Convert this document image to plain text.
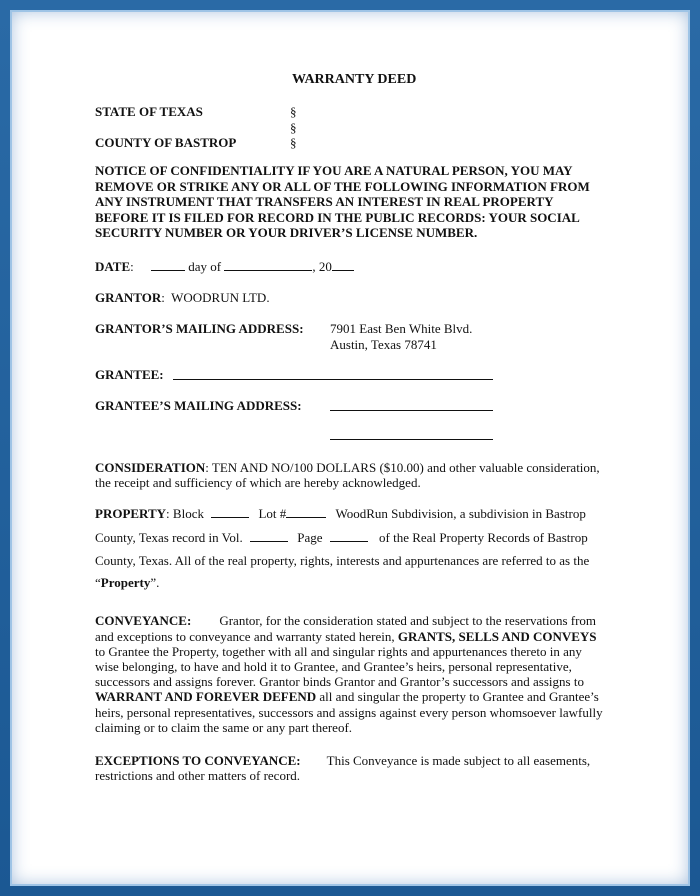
WARRANTY DEED
STATE OF TEXAS	§
§
COUNTY OF BASTROP	§
NOTICE OF CONFIDENTIALITY IF YOU ARE A NATURAL PERSON, YOU MAY
REMOVE OR STRIKE ANY OR ALL OF THE FOLLOWING INFORMATION FROM
ANY INSTRUMENT THAT TRANSFERS AN INTEREST IN REAL PROPERTY
BEFORE IT IS FILED FOR RECORD IN THE PUBLIC RECORDS: YOUR SOCIAL
SECURITY NUMBER OR YOUR DRIVER’S LICENSE NUMBER.
DATE:	day of	, 20
GRANTOR:  WOODRUN LTD.
GRANTOR’S MAILING ADDRESS: 7901 East Ben White Blvd.
Austin, Texas 78741
GRANTEE:
GRANTEE’S MAILING ADDRESS:
CONSIDERATION: TEN AND NO/100 DOLLARS ($10.00) and other valuable consideration,
the receipt and sufficiency of which are hereby acknowledged.
PROPERTY: Block	Lot #	WoodRun Subdivision, a subdivision in Bastrop
County, Texas record in Vol.	Page	of the Real Property Records of Bastrop
County, Texas. All of the real property, rights, interests and appurtenances are referred to as the
“Property”.
CONVEYANCE: Grantor, for the consideration stated and subject to the reservations from
and exceptions to conveyance and warranty stated herein, GRANTS, SELLS AND CONVEYS
to Grantee the Property, together with all and singular rights and appurtenances thereto in any
wise belonging, to have and hold it to Grantee, and Grantee’s heirs, personal representative,
successors and assigns forever. Grantor binds Grantor and Grantor’s successors and assigns to
WARRANT AND FOREVER DEFEND all and singular the property to Grantee and Grantee’s
heirs, personal representatives, successors and assigns against every person whomsoever lawfully
claiming or to claim the same or any part thereof.
EXCEPTIONS TO CONVEYANCE: This Conveyance is made subject to all easements,
restrictions and other matters of record.
